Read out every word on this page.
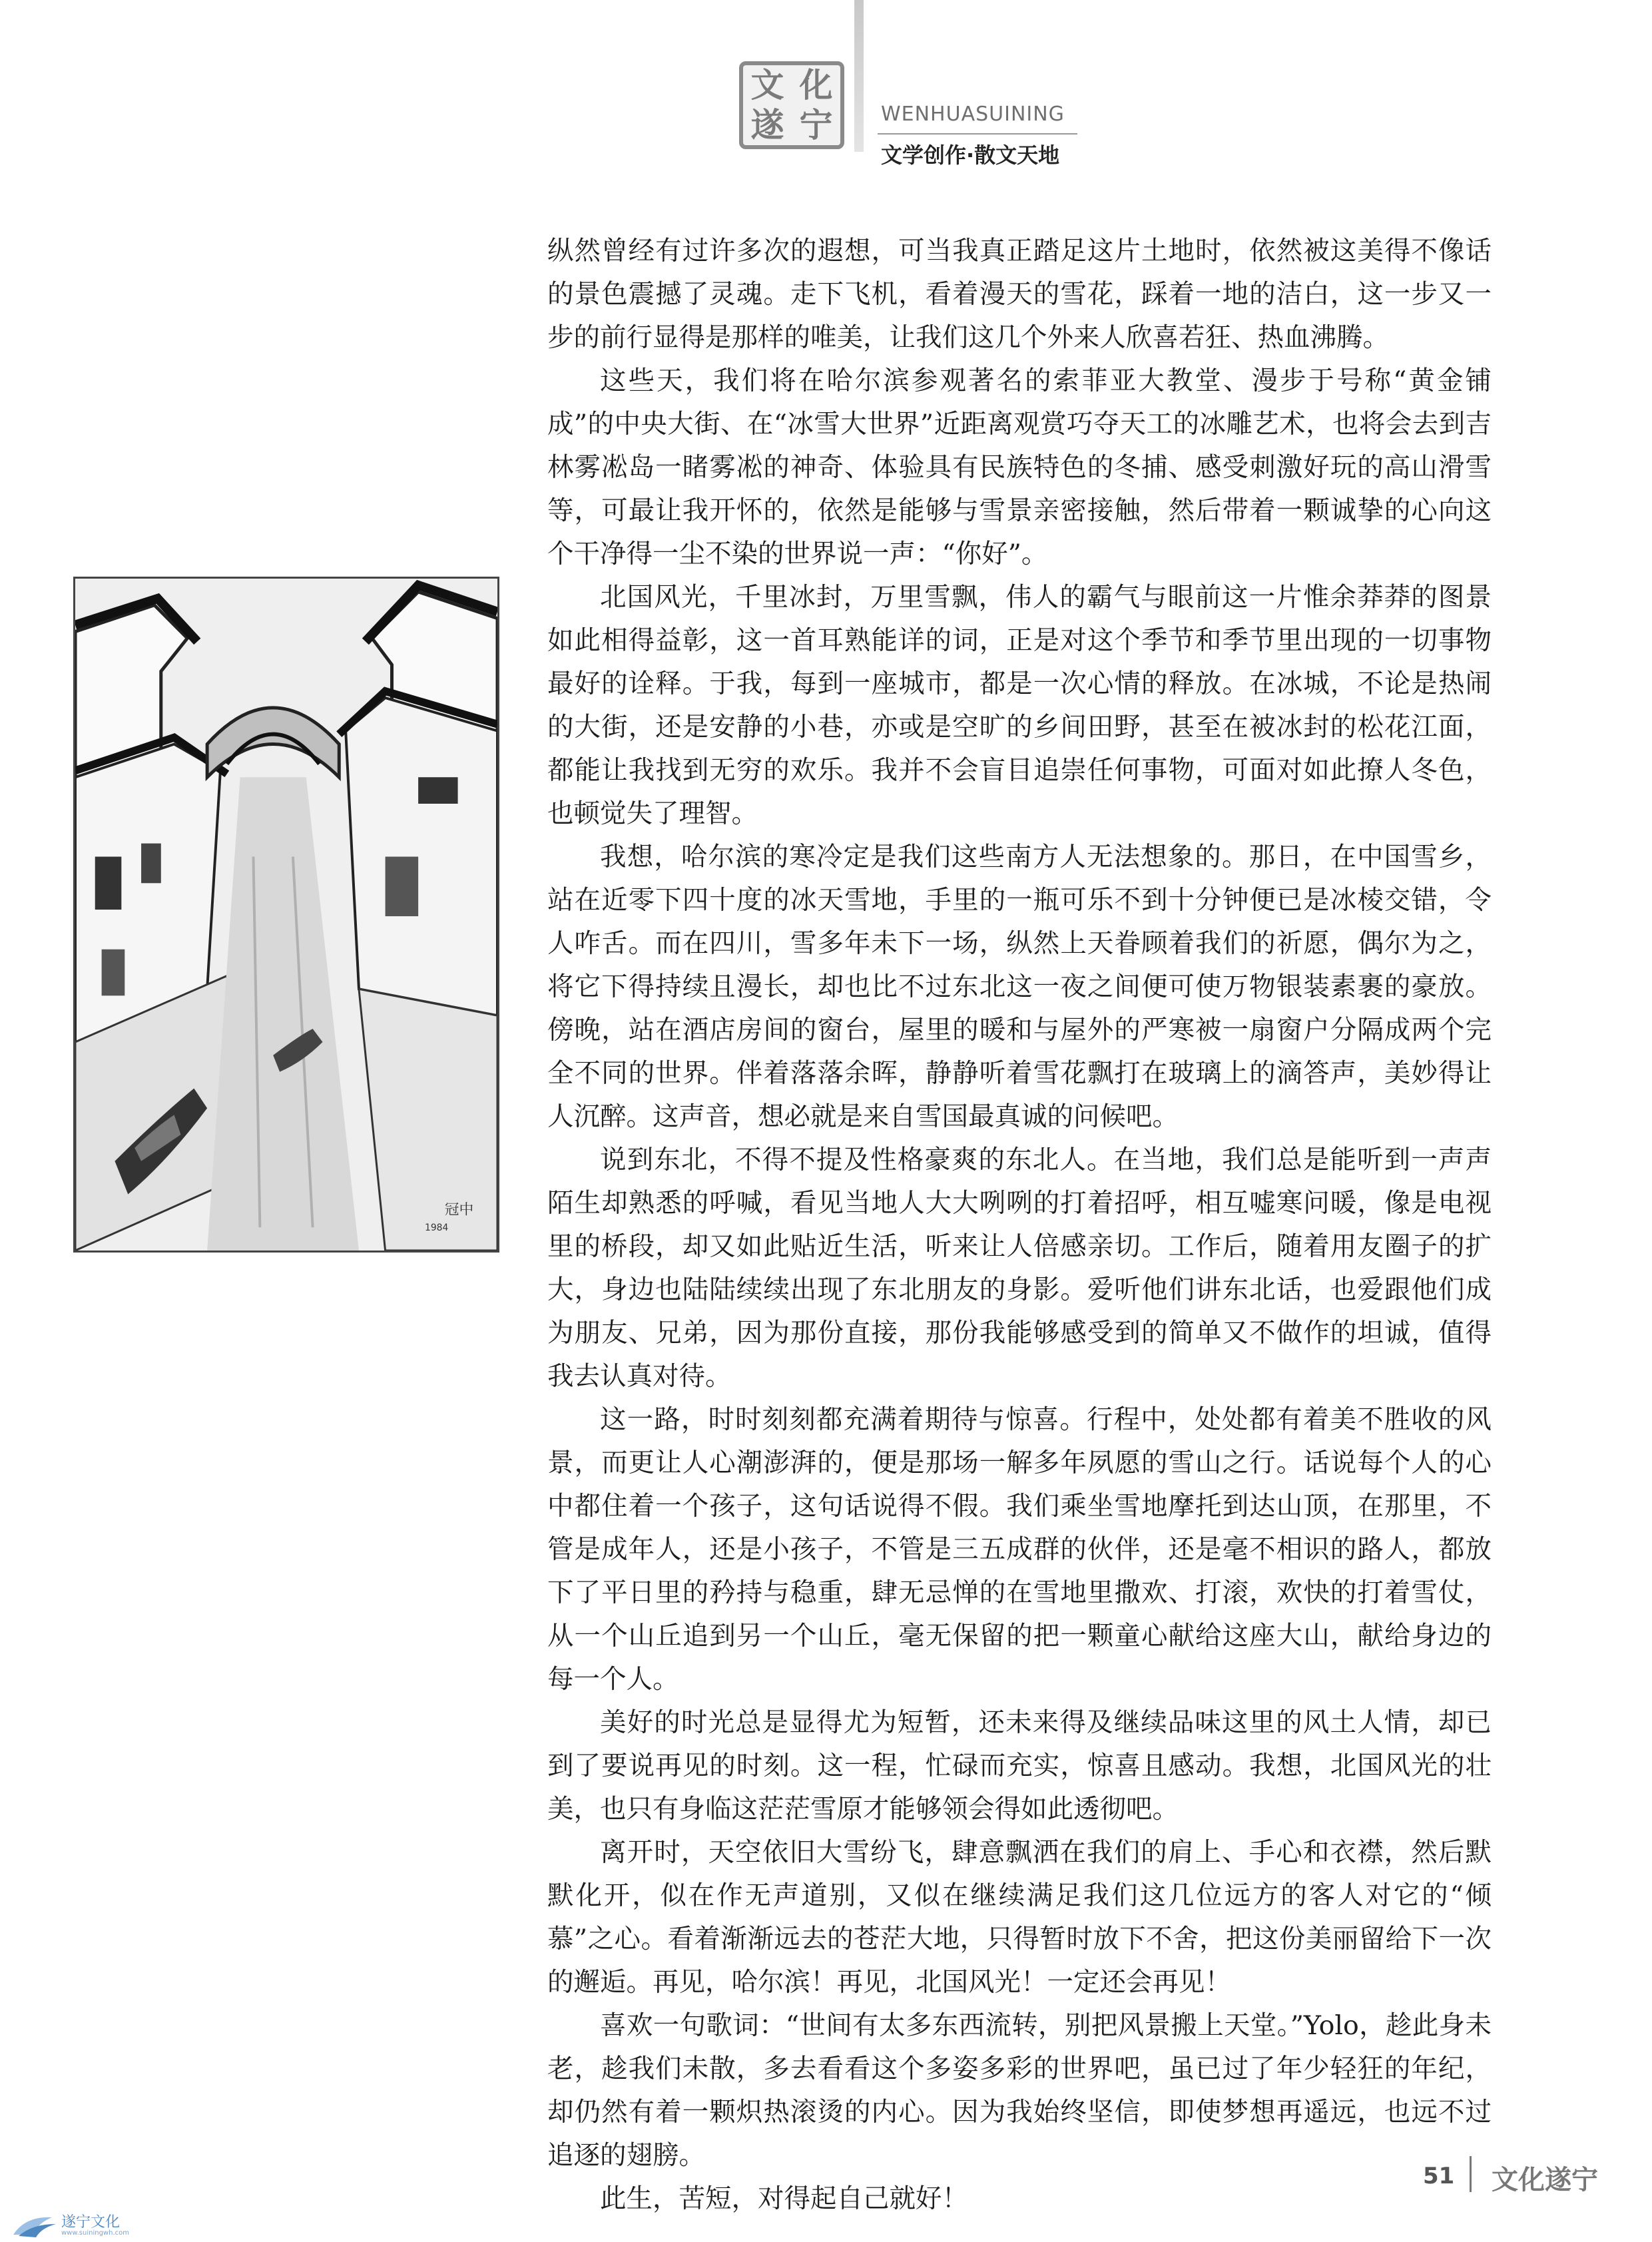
文 化
遂 宁 WENHUASUINING
文学创作·散文天地
冠中
1984

纵然曾经有过许多次的遐想，可当我真正踏足这片土地时，依然被这美得不像话的景色震撼了灵魂。走下飞机，看着漫天的雪花，踩着一地的洁白，这一步又一步的前行显得是那样的唯美，让我们这几个外来人欣喜若狂、热血沸腾。

这些天，我们将在哈尔滨参观著名的索菲亚大教堂、漫步于号称“黄金铺成”的中央大街、在“冰雪大世界”近距离观赏巧夺天工的冰雕艺术，也将会去到吉林雾凇岛一睹雾凇的神奇、体验具有民族特色的冬捕、感受刺激好玩的高山滑雪等，可最让我开怀的，依然是能够与雪景亲密接触，然后带着一颗诚挚的心向这个干净得一尘不染的世界说一声：“你好”。

北国风光，千里冰封，万里雪飘，伟人的霸气与眼前这一片惟余莽莽的图景如此相得益彰，这一首耳熟能详的词，正是对这个季节和季节里出现的一切事物最好的诠释。于我，每到一座城市，都是一次心情的释放。在冰城，不论是热闹的大街，还是安静的小巷，亦或是空旷的乡间田野，甚至在被冰封的松花江面，都能让我找到无穷的欢乐。我并不会盲目追崇任何事物，可面对如此撩人冬色，也顿觉失了理智。

我想，哈尔滨的寒冷定是我们这些南方人无法想象的。那日，在中国雪乡，站在近零下四十度的冰天雪地，手里的一瓶可乐不到十分钟便已是冰棱交错，令人咋舌。而在四川，雪多年未下一场，纵然上天眷顾着我们的祈愿，偶尔为之，将它下得持续且漫长，却也比不过东北这一夜之间便可使万物银装素裹的豪放。傍晚，站在酒店房间的窗台，屋里的暖和与屋外的严寒被一扇窗户分隔成两个完全不同的世界。伴着落落余晖，静静听着雪花飘打在玻璃上的滴答声，美妙得让人沉醉。这声音，想必就是来自雪国最真诚的问候吧。

说到东北，不得不提及性格豪爽的东北人。在当地，我们总是能听到一声声陌生却熟悉的呼喊，看见当地人大大咧咧的打着招呼，相互嘘寒问暖，像是电视里的桥段，却又如此贴近生活，听来让人倍感亲切。工作后，随着用友圈子的扩大，身边也陆陆续续出现了东北朋友的身影。爱听他们讲东北话，也爱跟他们成为朋友、兄弟，因为那份直接，那份我能够感受到的简单又不做作的坦诚，值得我去认真对待。

这一路，时时刻刻都充满着期待与惊喜。行程中，处处都有着美不胜收的风景，而更让人心潮澎湃的，便是那场一解多年夙愿的雪山之行。话说每个人的心中都住着一个孩子，这句话说得不假。我们乘坐雪地摩托到达山顶，在那里，不管是成年人，还是小孩子，不管是三五成群的伙伴，还是毫不相识的路人，都放下了平日里的矜持与稳重，肆无忌惮的在雪地里撒欢、打滚，欢快的打着雪仗，从一个山丘追到另一个山丘，毫无保留的把一颗童心献给这座大山，献给身边的每一个人。

美好的时光总是显得尤为短暂，还未来得及继续品味这里的风土人情，却已到了要说再见的时刻。这一程，忙碌而充实，惊喜且感动。我想，北国风光的壮美，也只有身临这茫茫雪原才能够领会得如此透彻吧。

离开时，天空依旧大雪纷飞，肆意飘洒在我们的肩上、手心和衣襟，然后默默化开，似在作无声道别，又似在继续满足我们这几位远方的客人对它的“倾慕”之心。看着渐渐远去的苍茫大地，只得暂时放下不舍，把这份美丽留给下一次的邂逅。再见，哈尔滨！再见，北国风光！一定还会再见！

喜欢一句歌词：“世间有太多东西流转，别把风景搬上天堂。”Yolo，趁此身未老，趁我们未散，多去看看这个多姿多彩的世界吧，虽已过了年少轻狂的年纪，却仍然有着一颗炽热滚烫的内心。因为我始终坚信，即使梦想再遥远，也远不过追逐的翅膀。

此生，苦短，对得起自己就好！

51 文化遂宁
遂宁文化
www.suiningwh.com
